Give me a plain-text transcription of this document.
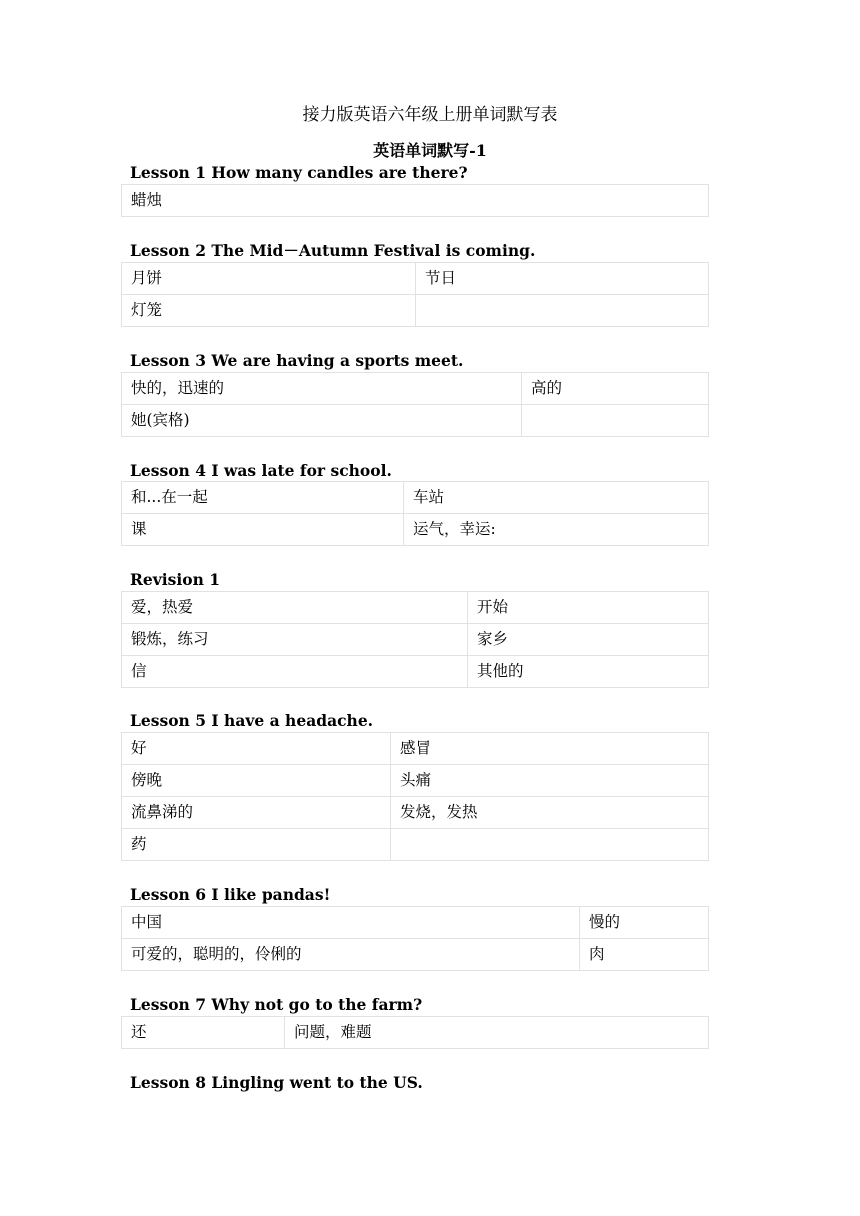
接力版英语六年级上册单词默写表
英语单词默写-1
Lesson 1 How many candles are there?
蜡烛
Lesson 2 The Mid－Autumn Festival is coming.
月饼	节日
灯笼	
Lesson 3 We are having a sports meet.
快的，迅速的	高的
她(宾格)	
Lesson 4 I was late for school.
和...在一起	车站
课	运气，幸运:
Revision 1
爱，热爱	开始
锻炼，练习	家乡
信	其他的
Lesson 5 I have a headache.
好	感冒
傍晚	头痛
流鼻涕的	发烧，发热
药	
Lesson 6 I like pandas!
中国	慢的
可爱的，聪明的，伶俐的	肉
Lesson 7 Why not go to the farm?
还	问题，难题
Lesson 8 Lingling went to the US.
